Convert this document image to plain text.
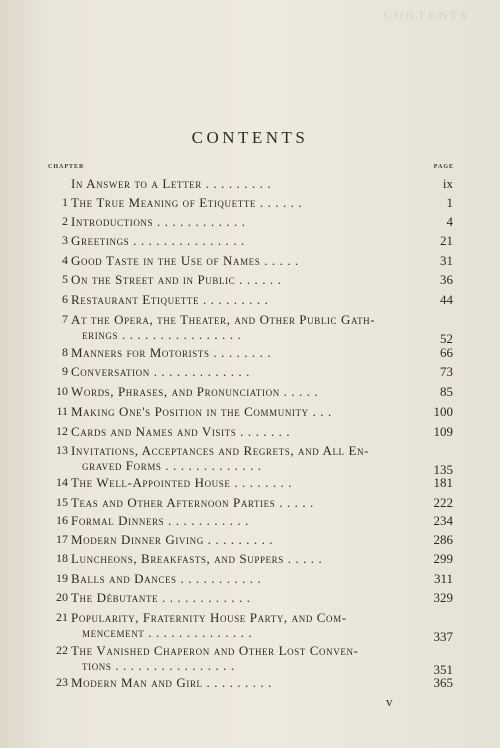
CONTENTS
CONTENTS
CHAPTER	PAGE
In Answer to a Letter . . . . . . . . .	ix
1 The True Meaning of Etiquette . . . . . .	1
2 Introductions . . . . . . . . . . . .	4
3 Greetings . . . . . . . . . . . . . . .	21
4 Good Taste in the Use of Names . . . . .	31
5 On the Street and in Public . . . . . .	36
6 Restaurant Etiquette . . . . . . . . .	44
7 At the Opera, the Theater, and Other Public Gath-
erings . . . . . . . . . . . . . . . .	52
8 Manners for Motorists . . . . . . . .	66
9 Conversation . . . . . . . . . . . . .	73
10 Words, Phrases, and Pronunciation . . . . .	85
11 Making One's Position in the Community . . .	100
12 Cards and Names and Visits . . . . . . .	109
13 Invitations, Acceptances and Regrets, and All En-
graved Forms . . . . . . . . . . . . .	135
14 The Well-Appointed House . . . . . . . .	181
15 Teas and Other Afternoon Parties . . . . .	222
16 Formal Dinners . . . . . . . . . . .	234
17 Modern Dinner Giving . . . . . . . . .	286
18 Luncheons, Breakfasts, and Suppers . . . . .	299
19 Balls and Dances . . . . . . . . . . .	311
20 The Débutante . . . . . . . . . . . .	329
21 Popularity, Fraternity House Party, and Com-
mencement . . . . . . . . . . . . . .	337
22 The Vanished Chaperon and Other Lost Conven-
tions . . . . . . . . . . . . . . . .	351
23 Modern Man and Girl . . . . . . . . .	365
v
